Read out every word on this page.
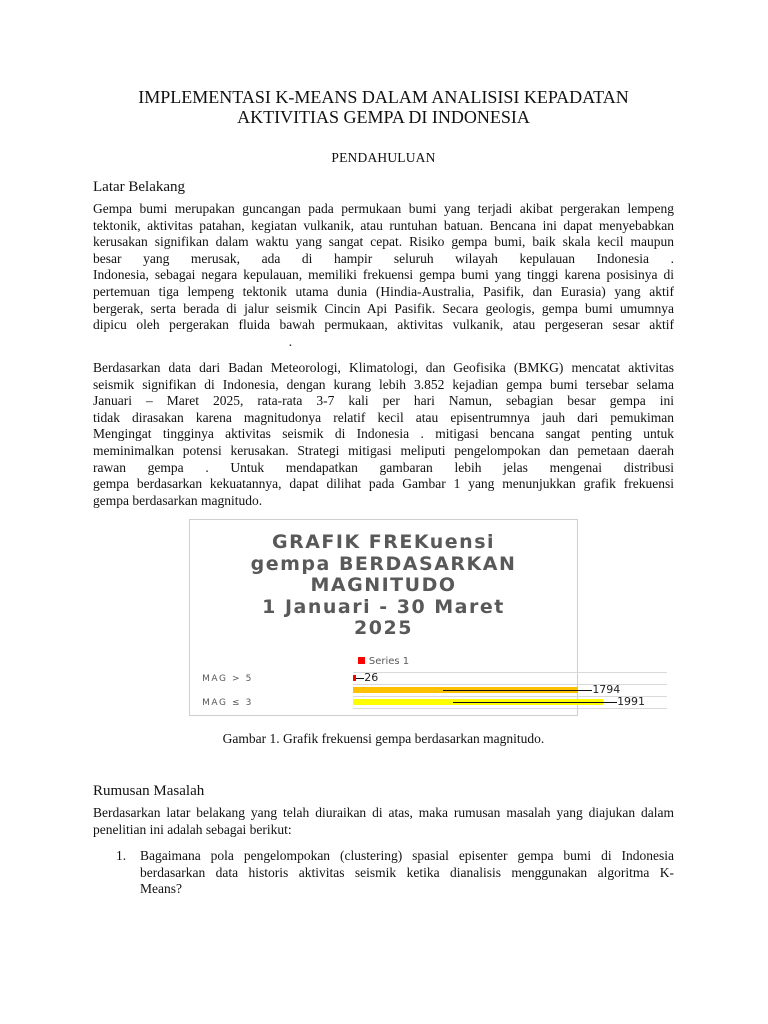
IMPLEMENTASI K-MEANS DALAM ANALISISI KEPADATAN
AKTIVITIAS GEMPA DI INDONESIA
PENDAHULUAN
Latar Belakang
Gempa bumi merupakan guncangan pada permukaan bumi yang terjadi akibat pergerakan lempeng
tektonik, aktivitas patahan, kegiatan vulkanik, atau runtuhan batuan. Bencana ini dapat menyebabkan
kerusakan signifikan dalam waktu yang sangat cepat. Risiko gempa bumi, baik skala kecil maupun
besar yang merusak, ada di hampir seluruh wilayah kepulauan Indonesia .
Indonesia, sebagai negara kepulauan, memiliki frekuensi gempa bumi yang tinggi karena posisinya di
pertemuan tiga lempeng tektonik utama dunia (Hindia-Australia, Pasifik, dan Eurasia) yang aktif
bergerak, serta berada di jalur seismik Cincin Api Pasifik. Secara geologis, gempa bumi umumnya
dipicu oleh pergerakan fluida bawah permukaan, aktivitas vulkanik, atau pergeseran sesar aktif
.
Berdasarkan data dari Badan Meteorologi, Klimatologi, dan Geofisika (BMKG) mencatat aktivitas
seismik signifikan di Indonesia, dengan kurang lebih 3.852 kejadian gempa bumi tersebar selama
Januari – Maret 2025, rata-rata 3-7 kali per hari Namun, sebagian besar gempa ini
tidak dirasakan karena magnitudonya relatif kecil atau episentrumnya jauh dari pemukiman
Mengingat tingginya aktivitas seismik di Indonesia . mitigasi bencana sangat penting untuk
meminimalkan potensi kerusakan. Strategi mitigasi meliputi pengelompokan dan pemetaan daerah
rawan gempa . Untuk mendapatkan gambaran lebih jelas mengenai distribusi
gempa berdasarkan kekuatannya, dapat dilihat pada Gambar 1 yang menunjukkan grafik frekuensi
gempa berdasarkan magnitudo.
GRAFIK FREKuensi
gempa BERDASARKAN
MAGNITUDO
1 Januari - 30 Maret
2025
Series 1
MAG > 5	26
1794
MAG ≤ 3	1991
Gambar 1. Grafik frekuensi gempa berdasarkan magnitudo.
Rumusan Masalah
Berdasarkan latar belakang yang telah diuraikan di atas, maka rumusan masalah yang diajukan dalam
penelitian ini adalah sebagai berikut:
1. Bagaimana pola pengelompokan (clustering) spasial episenter gempa bumi di Indonesia
berdasarkan data historis aktivitas seismik ketika dianalisis menggunakan algoritma K-
Means?
